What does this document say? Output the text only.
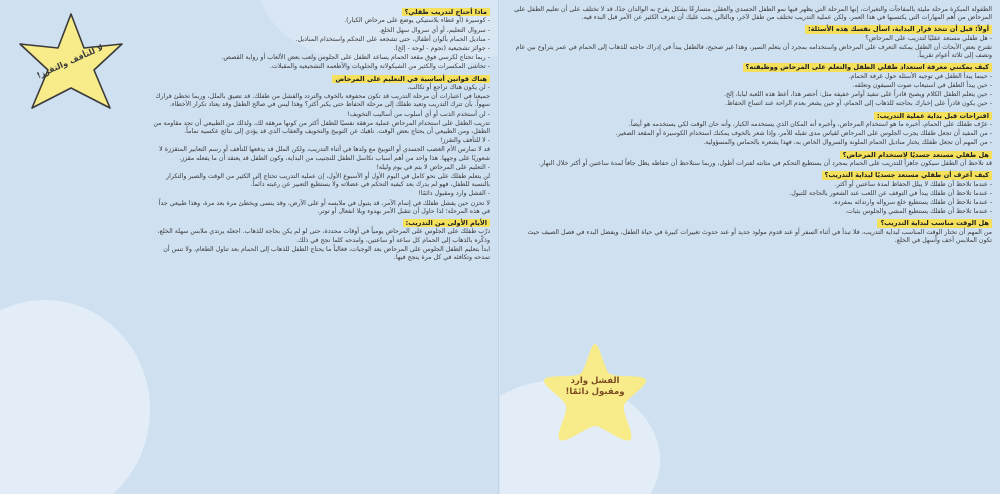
لا للتأفف والتقزز!
ماذا أحتاج لتدريب طفلي؟

- كوسيرة (أو غطاء بلاستيكي يوضع على مرحاض الكبار).

- سروال التعليم، أو أي سروال سهل الخلع.

- مناديل الحمام بألوان أطفال، حتى تشجعه على التحكم واستخدام المناديل.

- جوائز تشجيعية (نجوم - لوحة - إلخ).

- ربما تحتاج لكرسي فوق مقعد الحمام يساعد الطفل على الجلوس ولعب بعض الألعاب أو رواية القصص.

- تحاشى المكسرات والكثير من الشيكولاتة والحلويات والأطعمة التشجيعية والمقبلات.

هناك قوانين أساسية في التعليم على المرحاض

- لن يكون هناك تراجع أو تكالب.

جميعنا في اعتبارات أن مرحلة التدريب قد تكون محفوفة بالخوف والتردد والفشل من طفلك. قد تضيق بالملل، وربما تخطئ قرارك سهواً. بأن تترك التدريب وتعيد طفلك إلى مرحلة الحفاظ حتى يكبر أكثر؟ وهذا ليس في صالح الطفل وقد يعتاد تكرار الأخطاء.

- لن أستخدم الذنب أو أي أسلوب من أساليب التخويف!

تدريب الطفل على استخدام المرحاض عملية مرهقة نفسيًا للطفل أكثر من كونها مرهقة لك، ولذلك من الطبيعي أن تجد مقاومة من الطفل، ومن الطبيعي أن يحتاج بعض الوقت. ناهيك عن التوبيخ والتخويف والعقاب الذي قد يؤدي إلى نتائج عكسية تماماً.

- لا للتأفف والتقزز!

قد لا تمارس الأم الغضب الجسدي أو التوبيخ مع ولدها في أثناء التدريب، ولكن الملل قد يدفعها للتأفف أو رسم التعابير المتقززة لا شعوريًا على وجهها. هذا واحد من أهم أسباب تكاسل الطفل للتجنيب من البداية، وكون الطفل قد يعتقد أن ما يفعله مقزز.

- التعليم على المرحاض لا يتم في يوم وليلة!

لن يتعلم طفلك على نحو كامل في اليوم الأول أو الأسبوع الأول، إن عملية التدريب تحتاج إلى الكثير من الوقت والصبر والتكرار بالنسبة للطفل، فهو لم يدرك بعد كيفية التحكم في عضلاته ولا يستطيع التعبير عن رغبته دائماً.

- الفشل وارد ومقبول دائمًا!

لا تحزن حين يفشل طفلك في إتمام الأمر، قد يتبول في ملابسه أو على الأرض، وقد ينسى ويخطئ مرة بعد مرة، وهذا طبيعي جداً في هذه المرحلة؛ لذا حاول أن تتقبل الأمر بهدوء وبلا انفعال أو توتر.

الأيام الأولى من التدريب:

درّب طفلك على الجلوس على المرحاض يومياً في أوقات محددة، حتى لو لم يكن بحاجة للذهاب. اجعله يرتدي ملابس سهلة الخلع، وذكّره بالذهاب إلى الحمام كل ساعة أو ساعتين، وامدحه كلما نجح في ذلك.

ابدأ بتعليم الطفل الجلوس على المرحاض بعد الوجبات، فغالباً ما يحتاج الطفل للذهاب إلى الحمام بعد تناول الطعام، ولا تنس أن تمدحه وتكافئه في كل مرة ينجح فيها.

الفشل وارد ومقبول دائمًا!

الطفولة المبكرة مرحلة مليئة بالمفاجآت والتغيرات، إنها المرحلة التي يظهر فيها نمو الطفل الجسدي والعقلي متسارعًا بشكل يفرح به الوالدان جدًا، قد لا تختلف على أن تعليم الطفل على المرحاض من أهم المهارات التي يكتسبها في هذا العمر، ولكن عملية التدريب تختلف من طفل لآخر، وبالتالي يجب عليك أن تعرف الكثير عن الأمر قبل البدء فيه.

أولاً: قبل أن تتخذ قرار البداية، اسأل نفسك هذه الأسئلة:

- هل طفلي مستعد عقليًا لتدريب على المرحاض؟

تقترح بعض الأبحاث أن الطفل يمكنه التعرف على المرحاض واستخدامه بمجرد أن يتعلم السير، وهذا غير صحيح، فالطفل يبدأ في إدراك حاجته للذهاب إلى الحمام في عمر يتراوح بين عام ونصف إلى ثلاثة أعوام تقريباً.

كيف يمكنني معرفة استعداد طفلي الطفل والتعلم على المرحاض ووظيفته؟

- حينما يبدأ الطفل في توجيه الأسئلة حول غرفة الحمام.

- حين يبدأ الطفل في استيعاب صوت السيفون وتعلقه.

- حين يتعلم الطفل الكلام ويصبح قادراً على تنفيذ أوامر خفيفة مثل: أحضر هذا، أعط هذه اللعبة لبابا، إلخ.

- حين يكون قادراً على إخبارك بحاجته للذهاب إلى الحمام، أو حين يشعر بعدم الراحة عند اتساخ الحفاظ.

اقتراحات قبل بداية عملية التدريب:

- عرّف طفلك على الحمام، أخبره ما هو استخدام المرحاض، وأخبره أنه المكان الذي يستخدمه الكبار، وأنه حان الوقت لكي يستخدمه هو أيضاً.

- من المفيد أن تجعل طفلك يجرب الجلوس على المرحاض لقياس مدى تقبله للأمر، وإذا شعر بالخوف يمكنك استخدام الكوسيرة أو المقعد الصغير.

- من المهم أن تجعل طفلك يختار مناديل الحمام الملونة والسروال الخاص به، فهذا يشعره بالحماس والمسؤولية.

هل طفلي مستعد جسديًا لاستخدام المرحاض؟

قد تلاحظ أن الطفل سيكون جاهزاً للتدريب على الحمام بمجرد أن يستطيع التحكم في مثانته لفترات أطول، وربما ستلاحظ أن حفاظه يظل جافاً لمدة ساعتين أو أكثر خلال النهار.

كيف أعرف أن طفلي مستعد جسديًا لبداية التدريب؟

- عندما تلاحظ أن طفلك لا يبلل الحفاظ لمدة ساعتين أو أكثر.

- عندما تلاحظ أن طفلك يبدأ في التوقف عن اللعب عند الشعور بالحاجة للتبول.

- عندما تلاحظ أن طفلك يستطيع خلع سرواله وارتدائه بمفرده.

- عندما تلاحظ أن طفلك يستطيع المشي والجلوس بثبات.

هل الوقت مناسب لبداية التدريب؟

من المهم أن تختار الوقت المناسب لبداية التدريب، فلا تبدأ في أثناء السفر أو عند قدوم مولود جديد أو عند حدوث تغييرات كبيرة في حياة الطفل، ويفضل البدء في فصل الصيف حيث تكون الملابس أخف وأسهل في الخلع.
